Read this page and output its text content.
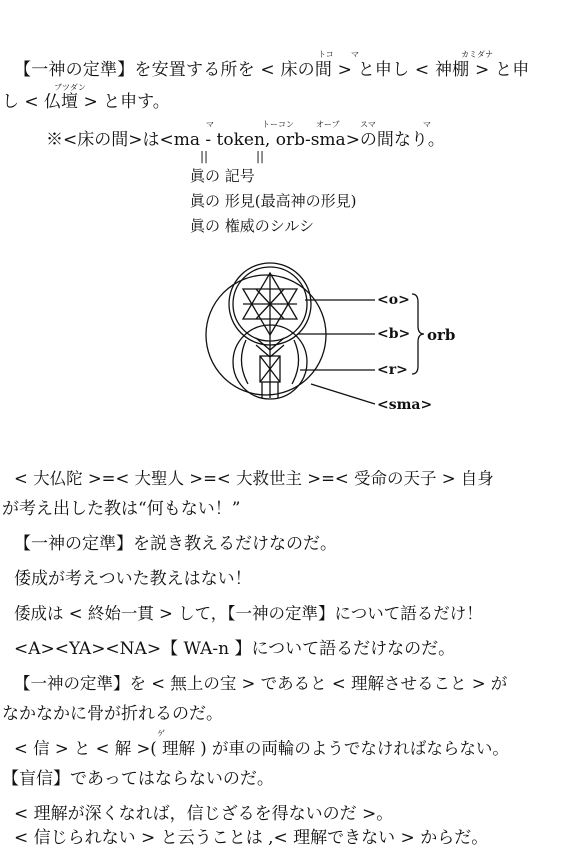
トコ マ	カミダナ
【一神の定準】を安置する所を < 床の間 > と申し < 神棚 > と申
ブツダン
し < 仏壇 > と申す。
マ	トーコン	オーブ	スマ	マ
※<床の間>は<ma - token, orb-sma>の間なり。
||	||
眞の 記号
眞の 形見(最高神の形見)
眞の 権威のシルシ
<o>
<b>
<r>
<sma>
orb
< 大仏陀 >=< 大聖人 >=< 大救世主 >=< 受命の天子 > 自身
が考え出した教は“何もない！”
【一神の定準】を説き教えるだけなのだ。
倭成が考えついた教えはない！
倭成は < 終始一貫 > して，【一神の定準】について語るだけ！
<A><YA><NA>【 WA-n 】について語るだけなのだ。
【一神の定準】を < 無上の宝 > であると < 理解させること > が
なかなかに骨が折れるのだ。
ゲ
< 信 > と < 解 >( 理解 ) が車の両輪のようでなければならない。
【盲信】であってはならないのだ。
< 理解が深くなれば，信じざるを得ないのだ >。
< 信じられない > と云うことは ,< 理解できない > からだ。
